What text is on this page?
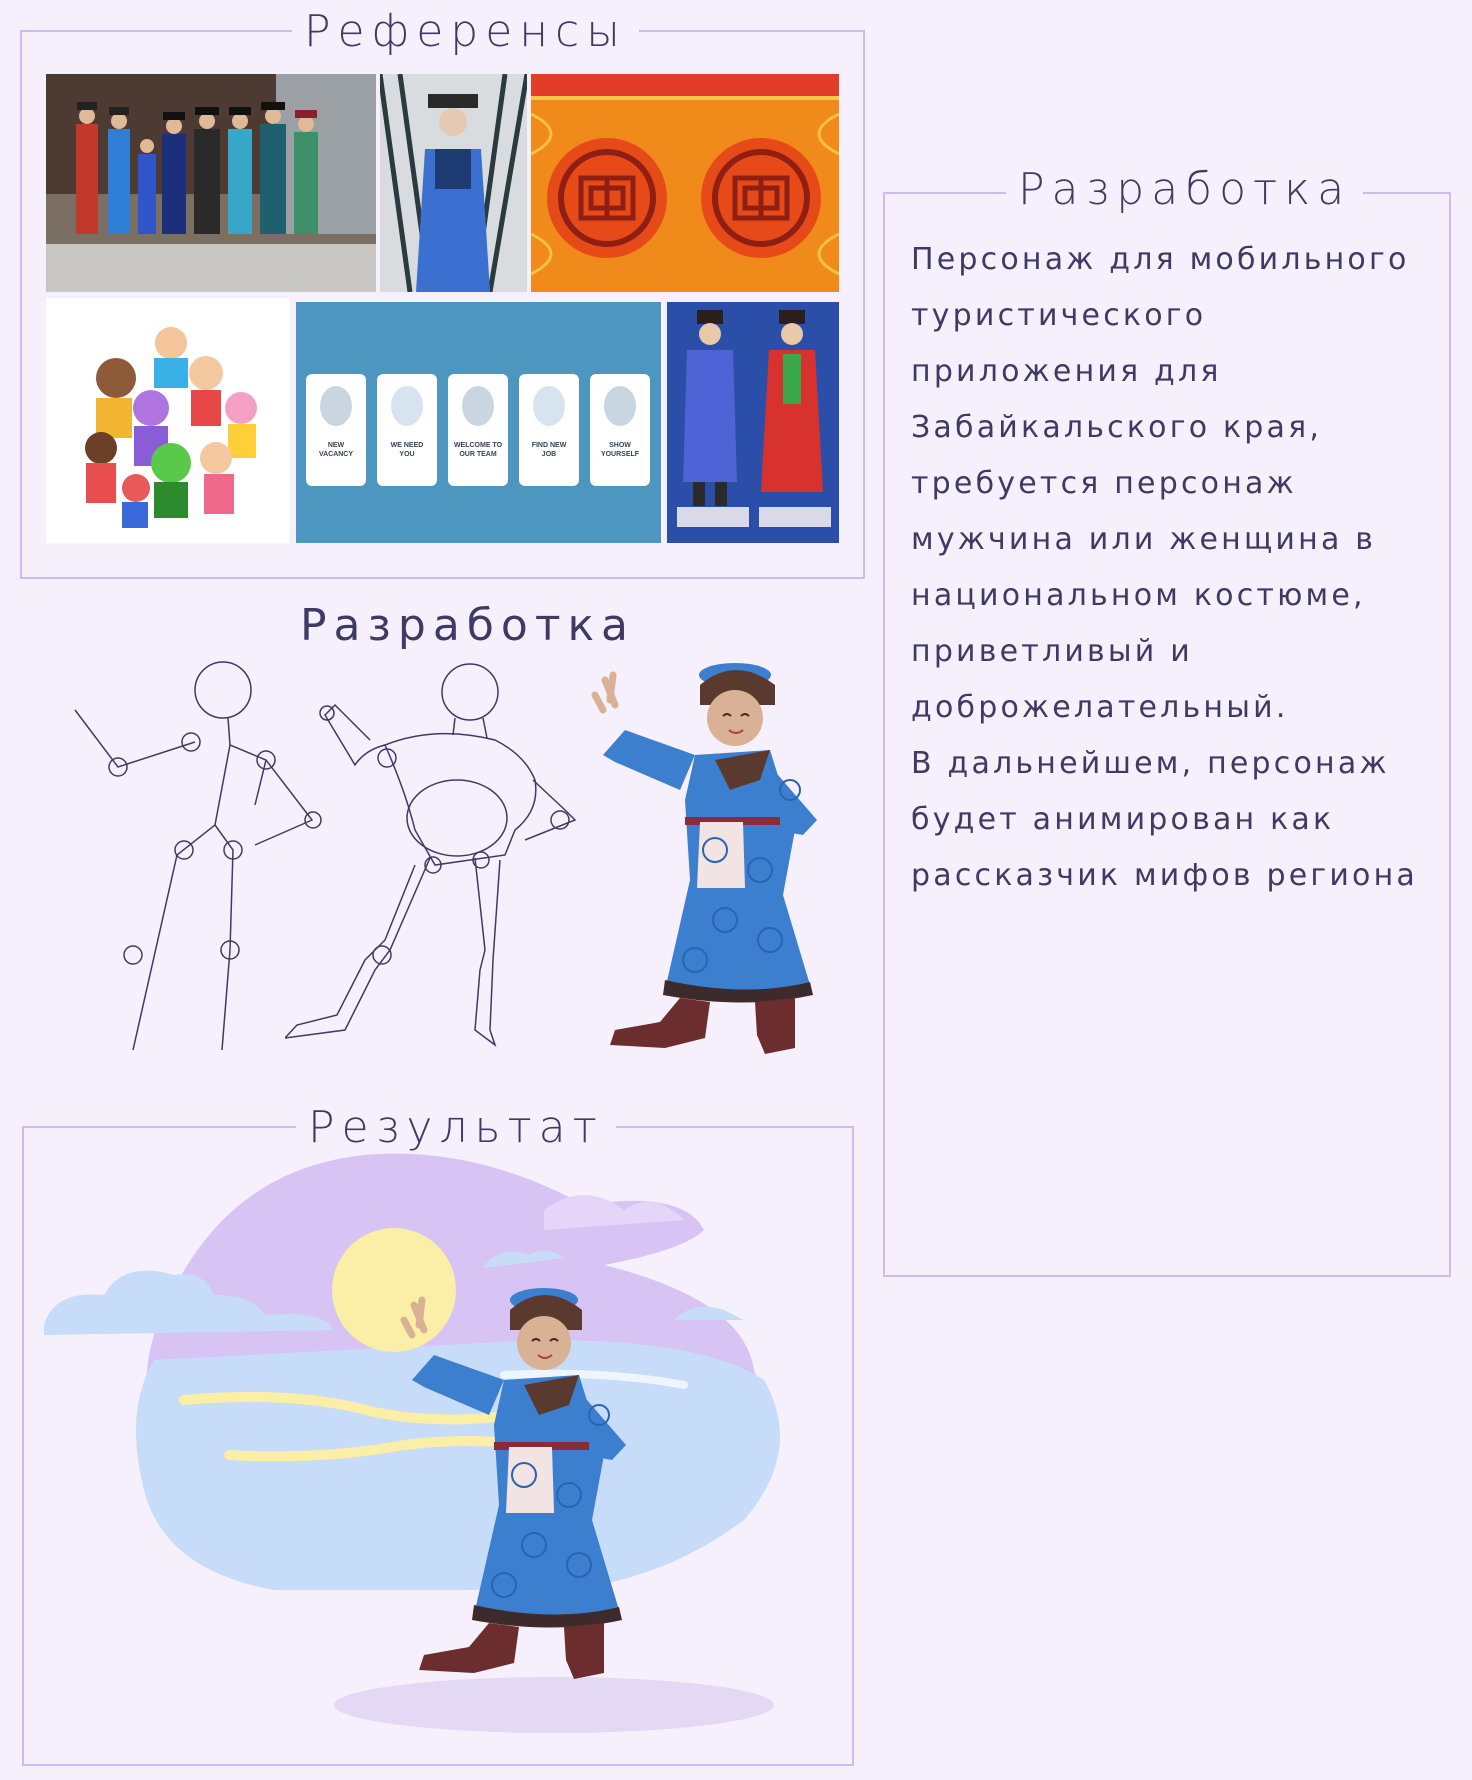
Референсы
NEW
VACANCY
WE NEED
YOU
WELCOME TO
OUR TEAM
FIND NEW
JOB
SHOW
YOURSELF
Разработка
Результат
Разработка
Персонаж для мобильного
туристического
приложения для
Забайкальского края,
требуется персонаж
мужчина или женщина в
национальном костюме,
приветливый и
доброжелательный.
В дальнейшем, персонаж
будет анимирован как
рассказчик мифов региона
